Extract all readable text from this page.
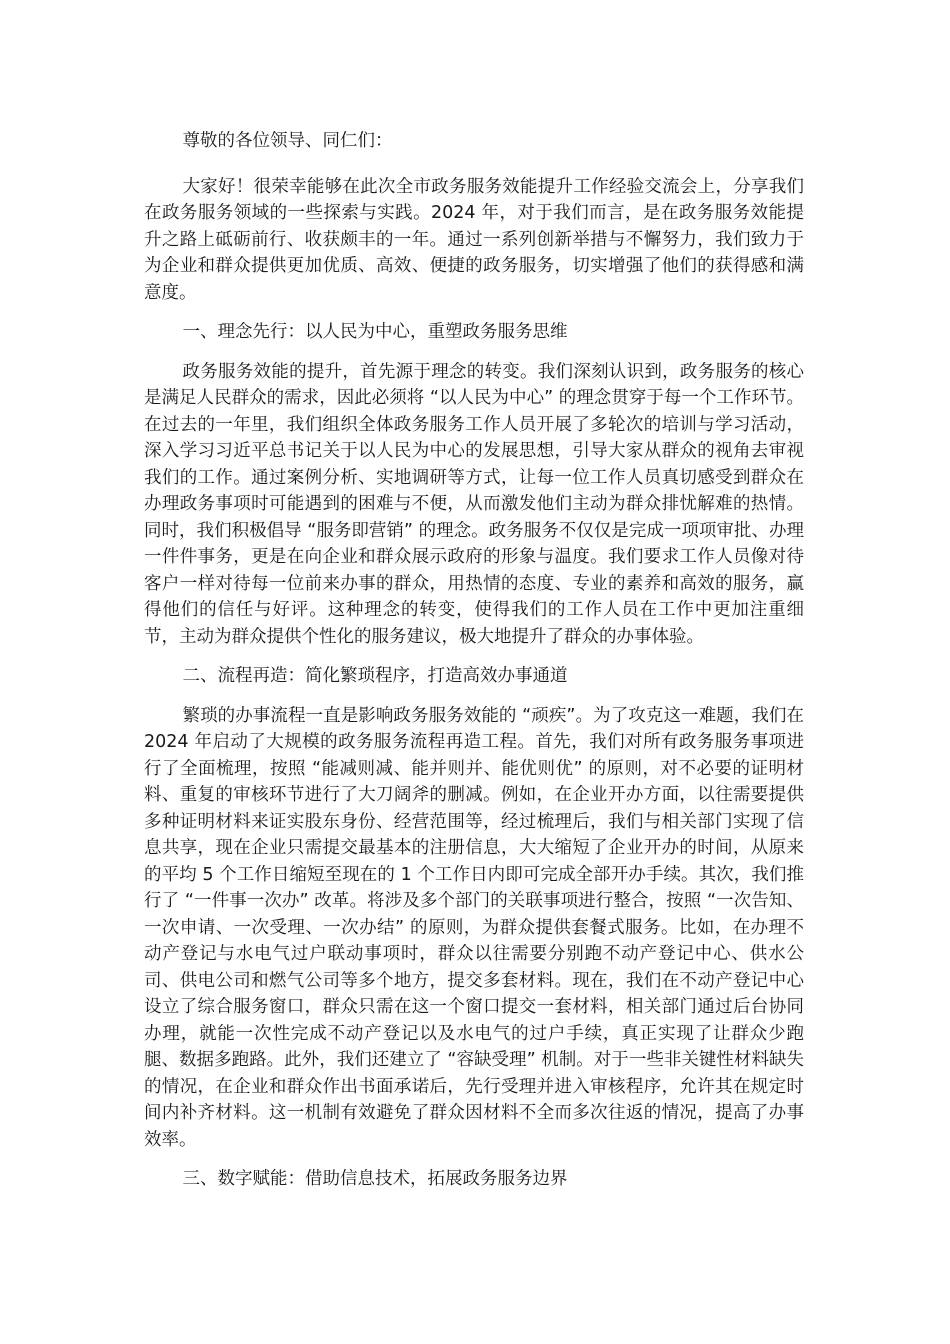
尊敬的各位领导、同仁们：

大家好！很荣幸能够在此次全市政务服务效能提升工作经验交流会上，分享我们在政务服务领域的一些探索与实践。2024 年，对于我们而言，是在政务服务效能提升之路上砥砺前行、收获颇丰的一年。通过一系列创新举措与不懈努力，我们致力于为企业和群众提供更加优质、高效、便捷的政务服务，切实增强了他们的获得感和满意度。

一、理念先行：以人民为中心，重塑政务服务思维

政务服务效能的提升，首先源于理念的转变。我们深刻认识到，政务服务的核心是满足人民群众的需求，因此必须将 “以人民为中心” 的理念贯穿于每一个工作环节。在过去的一年里，我们组织全体政务服务工作人员开展了多轮次的培训与学习活动，深入学习习近平总书记关于以人民为中心的发展思想，引导大家从群众的视角去审视我们的工作。通过案例分析、实地调研等方式，让每一位工作人员真切感受到群众在办理政务事项时可能遇到的困难与不便，从而激发他们主动为群众排忧解难的热情。同时，我们积极倡导 “服务即营销” 的理念。政务服务不仅仅是完成一项项审批、办理一件件事务，更是在向企业和群众展示政府的形象与温度。我们要求工作人员像对待客户一样对待每一位前来办事的群众，用热情的态度、专业的素养和高效的服务，赢得他们的信任与好评。这种理念的转变，使得我们的工作人员在工作中更加注重细节，主动为群众提供个性化的服务建议，极大地提升了群众的办事体验。

二、流程再造：简化繁琐程序，打造高效办事通道

繁琐的办事流程一直是影响政务服务效能的 “顽疾”。为了攻克这一难题，我们在 2024 年启动了大规模的政务服务流程再造工程。首先，我们对所有政务服务事项进行了全面梳理，按照 “能减则减、能并则并、能优则优” 的原则，对不必要的证明材料、重复的审核环节进行了大刀阔斧的删减。例如，在企业开办方面，以往需要提供多种证明材料来证实股东身份、经营范围等，经过梳理后，我们与相关部门实现了信息共享，现在企业只需提交最基本的注册信息，大大缩短了企业开办的时间，从原来的平均 5 个工作日缩短至现在的 1 个工作日内即可完成全部开办手续。其次，我们推行了 “一件事一次办” 改革。将涉及多个部门的关联事项进行整合，按照 “一次告知、一次申请、一次受理、一次办结” 的原则，为群众提供套餐式服务。比如，在办理不动产登记与水电气过户联动事项时，群众以往需要分别跑不动产登记中心、供水公司、供电公司和燃气公司等多个地方，提交多套材料。现在，我们在不动产登记中心设立了综合服务窗口，群众只需在这一个窗口提交一套材料，相关部门通过后台协同办理，就能一次性完成不动产登记以及水电气的过户手续，真正实现了让群众少跑腿、数据多跑路。此外，我们还建立了 “容缺受理” 机制。对于一些非关键性材料缺失的情况，在企业和群众作出书面承诺后，先行受理并进入审核程序，允许其在规定时间内补齐材料。这一机制有效避免了群众因材料不全而多次往返的情况，提高了办事效率。

三、数字赋能：借助信息技术，拓展政务服务边界
